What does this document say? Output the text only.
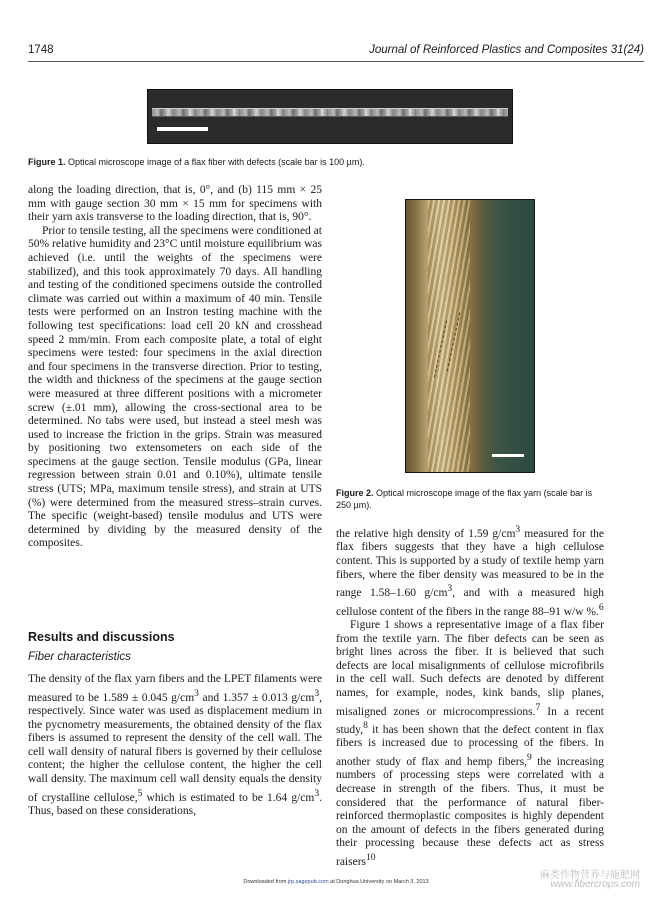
1748	Journal of Reinforced Plastics and Composites 31(24)
Figure 1. Optical microscope image of a flax fiber with defects (scale bar is 100 µm).
Figure 2. Optical microscope image of the flax yarn (scale bar is 250 µm).

along the loading direction, that is, 0°, and (b) 115 mm × 25 mm with gauge section 30 mm × 15 mm for specimens with their yarn axis transverse to the loading direction, that is, 90°.

Prior to tensile testing, all the specimens were conditioned at 50% relative humidity and 23°C until moisture equilibrium was achieved (i.e. until the weights of the specimens were stabilized), and this took approximately 70 days. All handling and testing of the conditioned specimens outside the controlled climate was carried out within a maximum of 40 min. Tensile tests were performed on an Instron testing machine with the following test specifications: load cell 20 kN and crosshead speed 2 mm/min. From each composite plate, a total of eight specimens were tested: four specimens in the axial direction and four specimens in the transverse direction. Prior to testing, the width and thickness of the specimens at the gauge section were measured at three different positions with a micrometer screw (±.01 mm), allowing the cross-sectional area to be determined. No tabs were used, but instead a steel mesh was used to increase the friction in the grips. Strain was measured by positioning two extensometers on each side of the specimens at the gauge section. Tensile modulus (GPa, linear regression between strain 0.01 and 0.10%), ultimate tensile stress (UTS; MPa, maximum tensile stress), and strain at UTS (%) were determined from the measured stress–strain curves. The specific (weight-based) tensile modulus and UTS were determined by dividing by the measured density of the composites.

Results and discussions
Fiber characteristics

The density of the flax yarn fibers and the LPET filaments were measured to be 1.589 ± 0.045 $g/cm^3$ and 1.357 ± 0.013 $g/cm^3$, respectively. Since water was used as displacement medium in the pycnometry measurements, the obtained density of the flax fibers is assumed to represent the density of the cell wall. The cell wall density of natural fibers is governed by their cellulose content; the higher the cellulose content, the higher the cell wall density. The maximum cell wall density equals the density of crystalline cellulose,$^5$ which is estimated to be 1.64 $g/cm^3$. Thus, based on these considerations,

the relative high density of 1.59 $g/cm^3$ measured for the flax fibers suggests that they have a high cellulose content. This is supported by a study of textile hemp yarn fibers, where the fiber density was measured to be in the range 1.58–1.60 $g/cm^3$, and with a measured high cellulose content of the fibers in the range 88–91 w/w %.$^6$

Figure 1 shows a representative image of a flax fiber from the textile yarn. The fiber defects can be seen as bright lines across the fiber. It is believed that such defects are local misalignments of cellulose microfibrils in the cell wall. Such defects are denoted by different names, for example, nodes, kink bands, slip planes, misaligned zones or microcompressions.$^7$ In a recent study,$^8$ it has been shown that the defect content in flax fibers is increased due to processing of the fibers. In another study of flax and hemp fibers,$^9$ the increasing numbers of processing steps were correlated with a decrease in strength of the fibers. Thus, it must be considered that the performance of natural fiber-reinforced thermoplastic composites is highly dependent on the amount of defects in the fibers generated during their processing because these defects act as stress raisers$^{10}$

Downloaded from jrp.sagepub.com at Donghua University on March 3, 2013
麻类作物营养与施肥网
www.fibercrops.com
